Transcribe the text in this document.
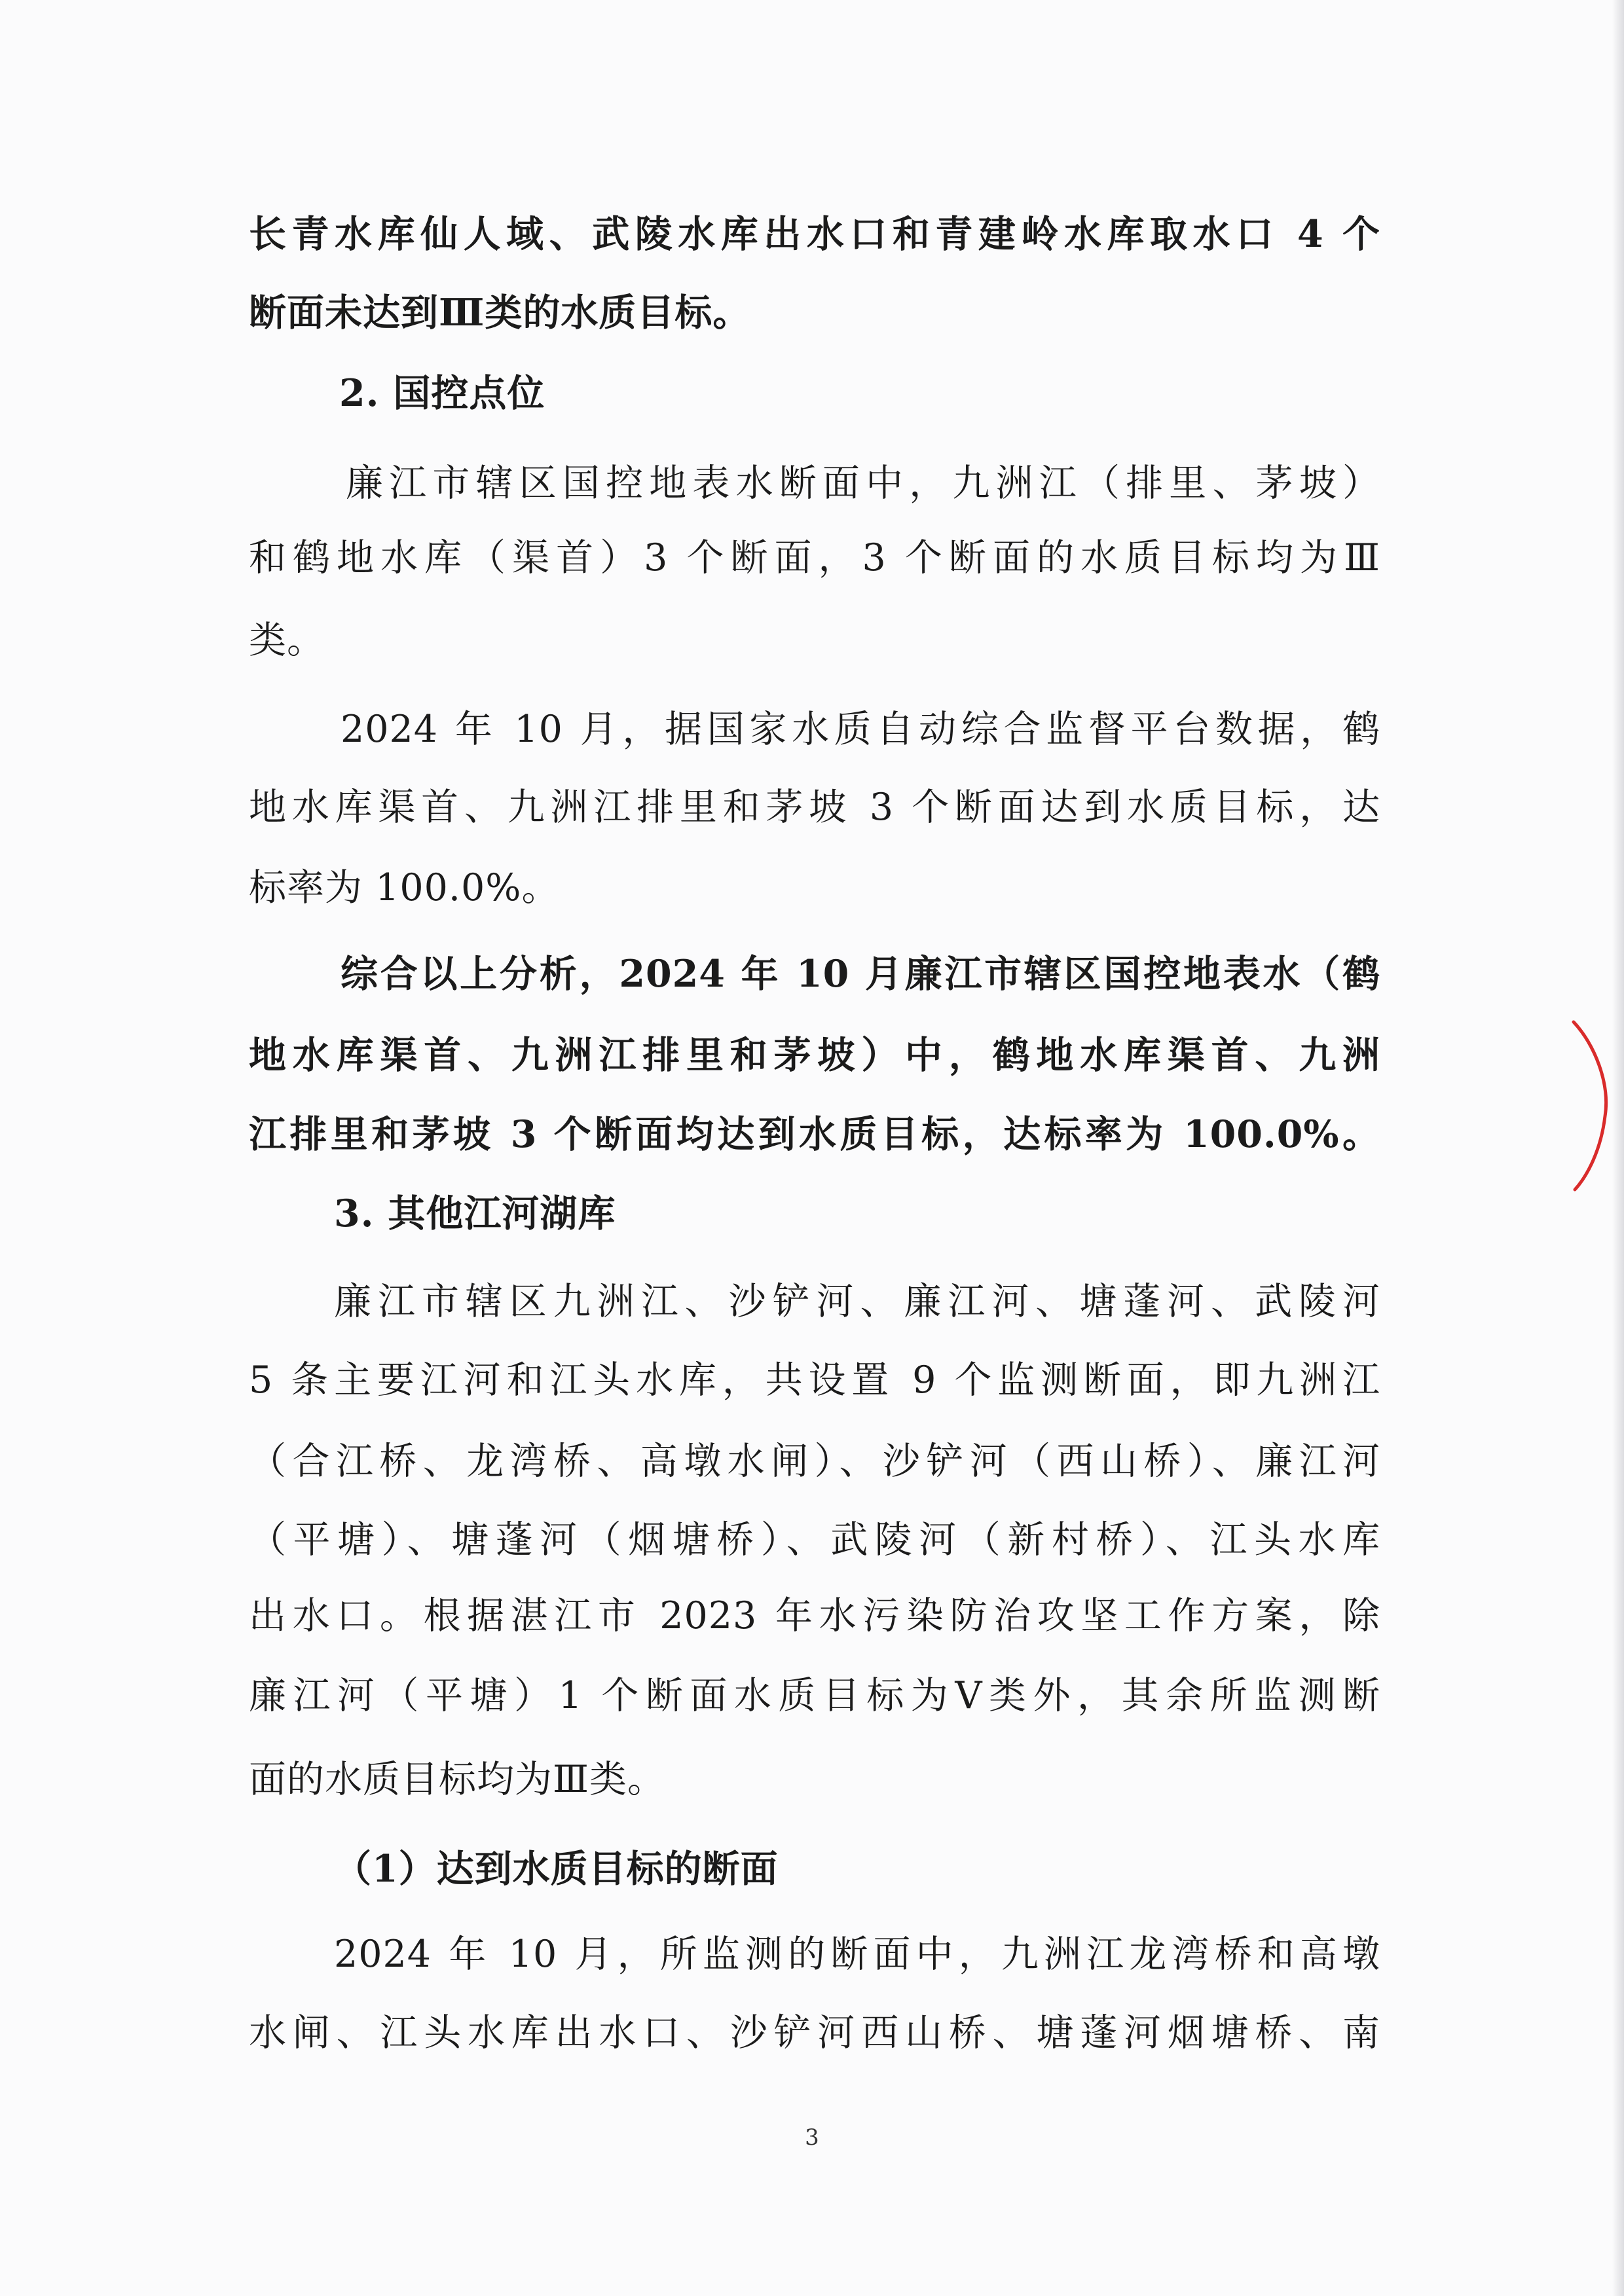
长青水库仙人域、武陵水库出水口和青建岭水库取水口 4 个
断面未达到Ⅲ类的水质目标。
2. 国控点位
廉江市辖区国控地表水断面中，九洲江（排里、茅坡）
和鹤地水库（渠首）3 个断面，3 个断面的水质目标均为Ⅲ
类。
2024 年 10 月，据国家水质自动综合监督平台数据，鹤
地水库渠首、九洲江排里和茅坡 3 个断面达到水质目标，达
标率为 100.0%。
综合以上分析，2024 年 10 月廉江市辖区国控地表水（鹤
地水库渠首、九洲江排里和茅坡）中，鹤地水库渠首、九洲
江排里和茅坡 3 个断面均达到水质目标，达标率为 100.0%。
3. 其他江河湖库
廉江市辖区九洲江、沙铲河、廉江河、塘蓬河、武陵河
5 条主要江河和江头水库，共设置 9 个监测断面，即九洲江
（合江桥、龙湾桥、高墩水闸）、沙铲河（西山桥）、廉江河
（平塘）、塘蓬河（烟塘桥）、武陵河（新村桥）、江头水库
出水口。根据湛江市 2023 年水污染防治攻坚工作方案，除
廉江河（平塘）1 个断面水质目标为Ⅴ类外，其余所监测断
面的水质目标均为Ⅲ类。
（1）达到水质目标的断面
2024 年 10 月，所监测的断面中，九洲江龙湾桥和高墩
水闸、江头水库出水口、沙铲河西山桥、塘蓬河烟塘桥、南
3
